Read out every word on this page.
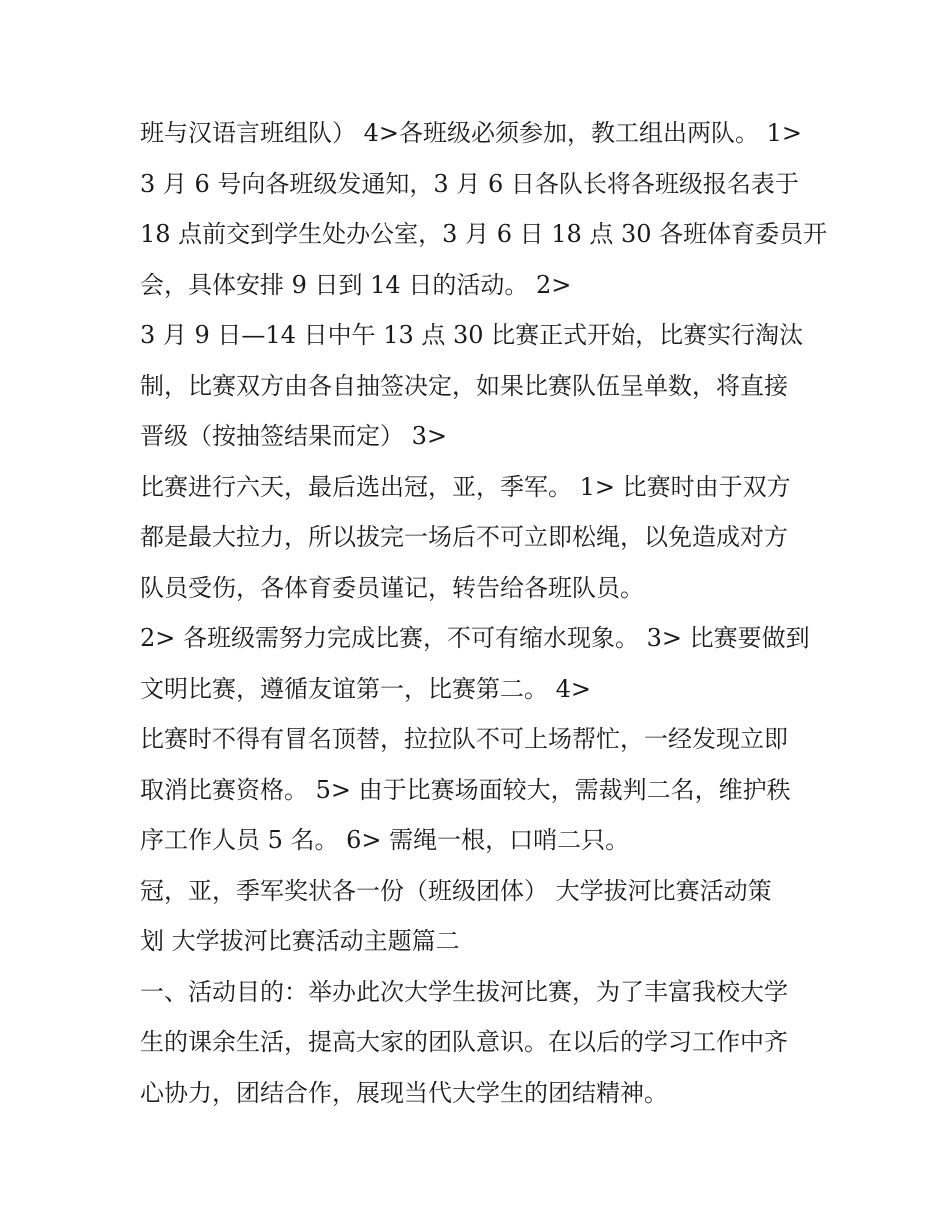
班与汉语言班组队） 4>各班级必须参加，教工组出两队。 1>
3 月 6 号向各班级发通知，3 月 6 日各队长将各班级报名表于
18 点前交到学生处办公室，3 月 6 日 18 点 30 各班体育委员开
会，具体安排 9 日到 14 日的活动。 2>
3 月 9 日—14 日中午 13 点 30 比赛正式开始，比赛实行淘汰
制，比赛双方由各自抽签决定，如果比赛队伍呈单数，将直接
晋级（按抽签结果而定） 3>
比赛进行六天，最后选出冠，亚，季军。 1> 比赛时由于双方
都是最大拉力，所以拔完一场后不可立即松绳，以免造成对方
队员受伤，各体育委员谨记，转告给各班队员。
2> 各班级需努力完成比赛，不可有缩水现象。 3> 比赛要做到
文明比赛，遵循友谊第一，比赛第二。 4>
比赛时不得有冒名顶替，拉拉队不可上场帮忙，一经发现立即
取消比赛资格。 5> 由于比赛场面较大，需裁判二名，维护秩
序工作人员 5 名。 6> 需绳一根，口哨二只。
冠，亚，季军奖状各一份（班级团体） 大学拔河比赛活动策
划 大学拔河比赛活动主题篇二
一、活动目的：举办此次大学生拔河比赛，为了丰富我校大学
生的课余生活，提高大家的团队意识。在以后的学习工作中齐
心协力，团结合作，展现当代大学生的团结精神。
